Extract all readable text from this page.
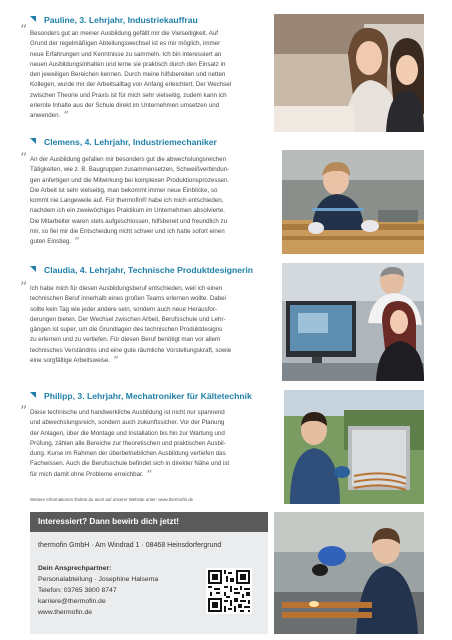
Pauline, 3. Lehrjahr, Industriekauffrau
” Besonders gut an meiner Ausbildung gefällt mir die Vielseitigkeit. Auf
Grund der regelmäßigen Abteilungswechsel ist es mir möglich, immer
neue Erfahrungen und Kenntnisse zu sammeln. Ich bin interessiert an
neuen Ausbildungsinhalten und lerne sie praktisch durch den Einsatz in
den jeweiligen Bereichen kennen. Durch meine hilfsbereiten und netten
Kollegen, wurde mir der Arbeitsalltag von Anfang erleichtert. Der Wechsel
zwischen Theorie und Praxis ist für mich sehr vielseitig, zudem kann ich
erlernte Inhalte aus der Schule direkt im Unternehmen umsetzen und
anwenden. “
Clemens, 4. Lehrjahr, Industriemechaniker
” An der Ausbildung gefallen mir besonders gut die abwechslungsreichen
Tätigkeiten, wie z. B. Baugruppen zusammensetzen, Schweißverbindun-
gen anfertigen und die Mitwirkung bei komplexen Produktionsprozessen.
Die Arbeit ist sehr vielseitig, man bekommt immer neue Einblicke, so
kommt nie Langeweile auf. Für thermofin® habe ich mich entschieden,
nachdem ich ein zweiwöchiges Praktikum im Unternehmen absolvierte.
Die Mitarbeiter waren stets aufgeschlossen, hilfsbereit und freundlich zu
mir, so fiel mir die Entscheidung nicht schwer und ich hatte sofort einen
guten Einstieg. “
Claudia, 4. Lehrjahr, Technische Produktdesignerin
” Ich habe mich für diesen Ausbildungsberuf entschieden, weil ich einen
technischen Beruf innerhalb eines großen Teams erlernen wollte. Dabei
sollte kein Tag wie jeder andere sein, sondern auch neue Herausfor-
derungen bieten. Der Wechsel zwischen Arbeit, Berufsschule und Lehr-
gängen ist super, um die Grundlagen des technischen Produktdesigns
zu erlernen und zu vertiefen. Für diesen Beruf benötigt man vor allem
technisches Verständnis und eine gute räumliche Vorstellungskraft, sowie
eine sorgfältige Arbeitsweise. “
Philipp, 3. Lehrjahr, Mechatroniker für Kältetechnik
” Diese technische und handwerkliche Ausbildung ist nicht nur spannend
und abwechslungsreich, sondern auch zukunftssicher. Vor der Planung
der Anlagen, über die Montage und Installation bis hin zur Wartung und
Prüfung, zählen alle Bereiche zur theoretischen und praktischen Ausbil-
dung. Kurse im Rahmen der überbetrieblichen Ausbildung vertiefen das
Fachwissen. Auch die Berufsschule befindet sich in direkter Nähe und ist
für mich damit ohne Probleme erreichbar. “
Weitere Informationen findest du auch auf unserer Website unter: www.thermofin.de
Interessiert? Dann bewirb dich jetzt!
thermofin GmbH · Am Windrad 1 · 08468 Heinsdorfergrund
Dein Ansprechpartner:
Personalabteilung · Josephine Halsema
Telefon: 03765 3800 8747
karriere@thermofin.de
www.thermofin.de
